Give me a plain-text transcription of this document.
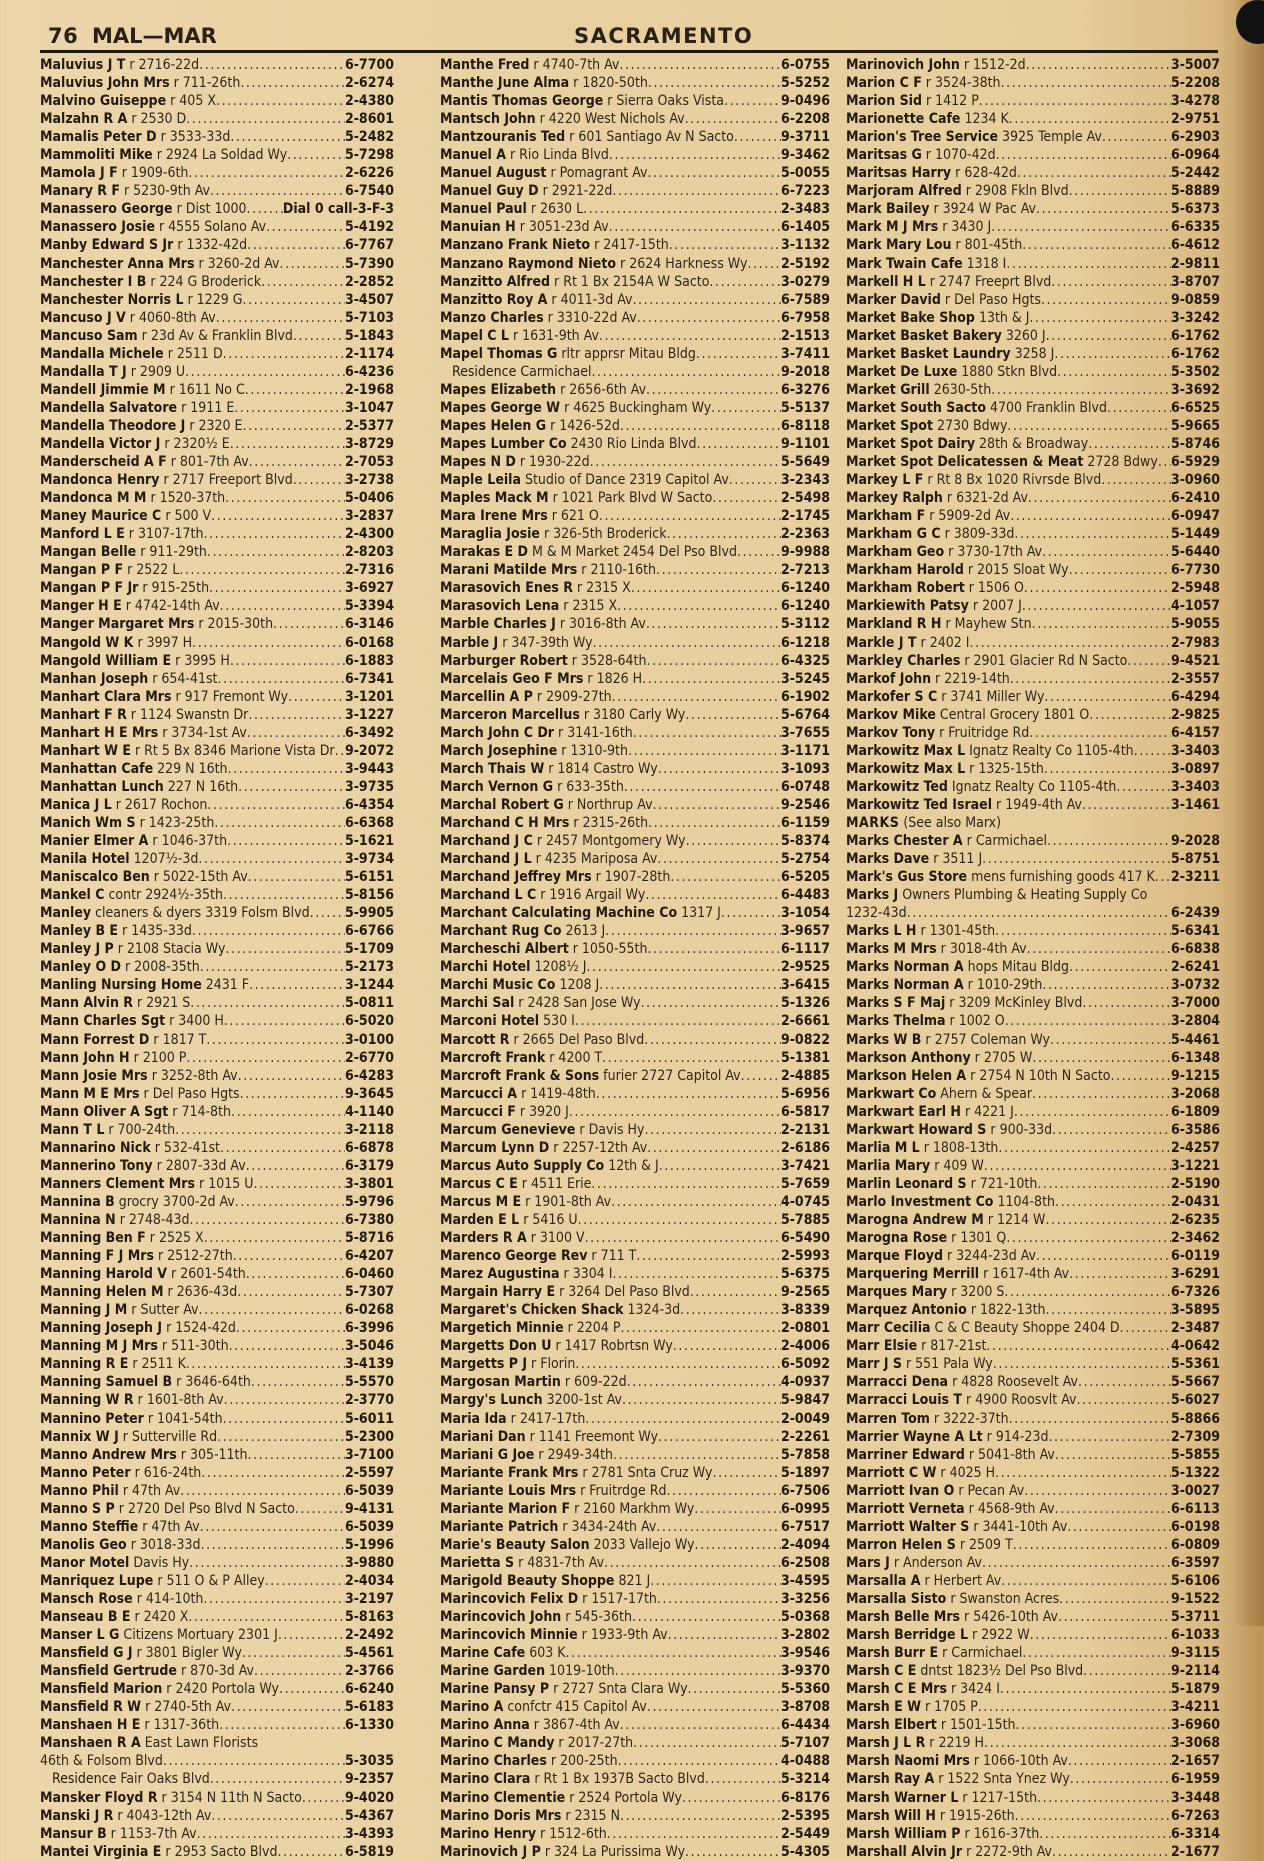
76 MAL—MAR	SACRAMENTO
Maluvius J T r 2716-22d .....	6-7700
Maluvius John Mrs r 711-26th .....	2-6274
Malvino Guiseppe r 405 X .....	2-4380
Malzahn R A r 2530 D .....	2-8601
Mamalis Peter D r 3533-33d .....	5-2482
Mammoliti Mike r 2924 La Soldad Wy .....	5-7298
Mamola J F r 1909-6th .....	2-6226
Manary R F r 5230-9th Av .....	6-7540
Manassero George r Dist 1000 .....	Dial 0 call-3-F-3
Manassero Josie r 4555 Solano Av .....	5-4192
Manby Edward S Jr r 1332-42d .....	6-7767
Manchester Anna Mrs r 3260-2d Av .....	5-7390
Manchester I B r 224 G Broderick .....	2-2852
Manchester Norris L r 1229 G .....	3-4507
Mancuso J V r 4060-8th Av .....	5-7103
Mancuso Sam r 23d Av & Franklin Blvd .....	5-1843
Mandalla Michele r 2511 D .....	2-1174
Mandalla T J r 2909 U .....	6-4236
Mandell Jimmie M r 1611 No C .....	2-1968
Mandella Salvatore r 1911 E .....	3-1047
Mandella Theodore J r 2320 E .....	2-5377
Mandella Victor J r 2320½ E .....	3-8729
Manderscheid A F r 801-7th Av .....	2-7053
Mandonca Henry r 2717 Freeport Blvd .....	3-2738
Mandonca M M r 1520-37th .....	5-0406
Maney Maurice C r 500 V .....	3-2837
Manford L E r 3107-17th .....	2-4300
Mangan Belle r 911-29th .....	2-8203
Mangan P F r 2522 L .....	2-7316
Mangan P F Jr r 915-25th .....	3-6927
Manger H E r 4742-14th Av .....	5-3394
Manger Margaret Mrs r 2015-30th .....	6-3146
Mangold W K r 3997 H .....	6-0168
Mangold William E r 3995 H .....	6-1883
Manhan Joseph r 654-41st .....	6-7341
Manhart Clara Mrs r 917 Fremont Wy .....	3-1201
Manhart F R r 1124 Swanstn Dr .....	3-1227
Manhart H E Mrs r 3734-1st Av .....	6-3492
Manhart W E r Rt 5 Bx 8346 Marione Vista Dr ..... 9-2072
Manhattan Cafe 229 N 16th .....	3-9443
Manhattan Lunch 227 N 16th .....	3-9735
Manica J L r 2617 Rochon .....	6-4354
Manich Wm S r 1423-25th .....	6-6368
Manier Elmer A r 1046-37th .....	5-1621
Manila Hotel 1207½-3d .....	3-9734
Maniscalco Ben r 5022-15th Av .....	5-6151
Mankel C contr 2924½-35th .....	5-8156
Manley cleaners & dyers 3319 Folsm Blvd .....	5-9905
Manley B E r 1435-33d .....	6-6766
Manley J P r 2108 Stacia Wy .....	5-1709
Manley O D r 2008-35th .....	5-2173
Manling Nursing Home 2431 F .....	3-1244
Mann Alvin R r 2921 S .....	5-0811
Mann Charles Sgt r 3400 H .....	6-5020
Mann Forrest D r 1817 T .....	3-0100
Mann John H r 2100 P .....	2-6770
Mann Josie Mrs r 3252-8th Av .....	6-4283
Mann M E Mrs r Del Paso Hgts .....	9-3645
Mann Oliver A Sgt r 714-8th .....	4-1140
Mann T L r 700-24th .....	3-2118
Mannarino Nick r 532-41st .....	6-6878
Mannerino Tony r 2807-33d Av .....	6-3179
Manners Clement Mrs r 1015 U .....	3-3801
Mannina B grocry 3700-2d Av .....	5-9796
Mannina N r 2748-43d .....	6-7380
Manning Ben F r 2525 X .....	5-8716
Manning F J Mrs r 2512-27th .....	6-4207
Manning Harold V r 2601-54th .....	6-0460
Manning Helen M r 2636-43d .....	5-7307
Manning J M r Sutter Av .....	6-0268
Manning Joseph J r 1524-42d .....	6-3996
Manning M J Mrs r 511-30th .....	3-5046
Manning R E r 2511 K .....	3-4139
Manning Samuel B r 3646-64th .....	5-5570
Manning W R r 1601-8th Av .....	2-3770
Mannino Peter r 1041-54th .....	5-6011
Mannix W J r Sutterville Rd .....	5-2300
Manno Andrew Mrs r 305-11th .....	3-7100
Manno Peter r 616-24th .....	2-5597
Manno Phil r 47th Av .....	6-5039
Manno S P r 2720 Del Pso Blvd N Sacto .....	9-4131
Manno Steffie r 47th Av .....	6-5039
Manolis Geo r 3018-33d .....	5-1996
Manor Motel Davis Hy .....	3-9880
Manriquez Lupe r 511 O & P Alley .....	2-4034
Mansch Rose r 414-10th .....	3-2197
Manseau B E r 2420 X .....	5-8163
Manser L G Citizens Mortuary 2301 J .....	2-2492
Mansfield G J r 3801 Bigler Wy .....	5-4561
Mansfield Gertrude r 870-3d Av .....	2-3766
Mansfield Marion r 2420 Portola Wy .....	6-6240
Mansfield R W r 2740-5th Av .....	5-6183
Manshaen H E r 1317-36th .....	6-1330
Manshaen R A East Lawn Florists
46th & Folsom Blvd .....	5-3035
Residence Fair Oaks Blvd .....	9-2357
Mansker Floyd R r 3154 N 11th N Sacto .....	9-4020
Manski J R r 4043-12th Av .....	5-4367
Mansur B r 1153-7th Av .....	3-4393
Mantei Virginia E r 2953 Sacto Blvd .....	6-5819
Manthe Fred r 4740-7th Av .....	6-0755
Manthe June Alma r 1820-50th .....	5-5252
Mantis Thomas George r Sierra Oaks Vista .....	9-0496
Mantsch John r 4220 West Nichols Av .....	6-2208
Mantzouranis Ted r 601 Santiago Av N Sacto .....	9-3711
Manuel A r Rio Linda Blvd .....	9-3462
Manuel August r Pomagrant Av .....	5-0055
Manuel Guy D r 2921-22d .....	6-7223
Manuel Paul r 2630 L .....	2-3483
Manuian H r 3051-23d Av .....	6-1405
Manzano Frank Nieto r 2417-15th .....	3-1132
Manzano Raymond Nieto r 2624 Harkness Wy ..... 2-5192
Manzitto Alfred r Rt 1 Bx 2154A W Sacto .....	3-0279
Manzitto Roy A r 4011-3d Av .....	6-7589
Manzo Charles r 3310-22d Av .....	6-7958
Mapel C L r 1631-9th Av .....	2-1513
Mapel Thomas G rltr apprsr Mitau Bldg .....	3-7411
Residence Carmichael .....	9-2018
Mapes Elizabeth r 2656-6th Av .....	6-3276
Mapes George W r 4625 Buckingham Wy .....	5-5137
Mapes Helen G r 1426-52d .....	6-8118
Mapes Lumber Co 2430 Rio Linda Blvd .....	9-1101
Mapes N D r 1930-22d .....	5-5649
Maple Leila Studio of Dance 2319 Capitol Av .....	3-2343
Maples Mack M r 1021 Park Blvd W Sacto .....	2-5498
Mara Irene Mrs r 621 O .....	2-1745
Maraglia Josie r 326-5th Broderick .....	2-2363
Marakas E D M & M Market 2454 Del Pso Blvd .....	9-9988
Marani Matilde Mrs r 2110-16th .....	2-7213
Marasovich Enes R r 2315 X .....	6-1240
Marasovich Lena r 2315 X .....	6-1240
Marble Charles J r 3016-8th Av .....	5-3112
Marble J r 347-39th Wy .....	6-1218
Marburger Robert r 3528-64th .....	6-4325
Marcelais Geo F Mrs r 1826 H .....	3-5245
Marcellin A P r 2909-27th .....	6-1902
Marceron Marcellus r 3180 Carly Wy .....	5-6764
March John C Dr r 3141-16th .....	3-7655
March Josephine r 1310-9th .....	3-1171
March Thais W r 1814 Castro Wy .....	3-1093
March Vernon G r 633-35th .....	6-0748
Marchal Robert G r Northrup Av .....	9-2546
Marchand C H Mrs r 2315-26th .....	6-1159
Marchand J C r 2457 Montgomery Wy .....	5-8374
Marchand J L r 4235 Mariposa Av .....	5-2754
Marchand Jeffrey Mrs r 1907-28th .....	6-5205
Marchand L C r 1916 Argail Wy .....	6-4483
Marchant Calculating Machine Co 1317 J .....	3-1054
Marchant Rug Co 2613 J .....	3-9657
Marcheschi Albert r 1050-55th .....	6-1117
Marchi Hotel 1208½ J .....	2-9525
Marchi Music Co 1208 J .....	3-6415
Marchi Sal r 2428 San Jose Wy .....	5-1326
Marconi Hotel 530 I .....	2-6661
Marcott R r 2665 Del Paso Blvd .....	9-0822
Marcroft Frank r 4200 T .....	5-1381
Marcroft Frank & Sons furier 2727 Capitol Av .....	2-4885
Marcucci A r 1419-48th .....	5-6956
Marcucci F r 3920 J .....	6-5817
Marcum Genevieve r Davis Hy .....	2-2131
Marcum Lynn D r 2257-12th Av .....	2-6186
Marcus Auto Supply Co 12th & J .....	3-7421
Marcus C E r 4511 Erie .....	5-7659
Marcus M E r 1901-8th Av .....	4-0745
Marden E L r 5416 U .....	5-7885
Marders R A r 3100 V .....	6-5490
Marenco George Rev r 711 T .....	2-5993
Marez Augustina r 3304 I .....	5-6375
Margain Harry E r 3264 Del Paso Blvd .....	9-2565
Margaret's Chicken Shack 1324-3d .....	3-8339
Margetich Minnie r 2204 P .....	2-0801
Margetts Don U r 1417 Robrtsn Wy .....	2-4006
Margetts P J r Florin .....	6-5092
Margosan Martin r 609-22d .....	4-0937
Margy's Lunch 3200-1st Av .....	5-9847
Maria Ida r 2417-17th .....	2-0049
Mariani Dan r 1141 Freemont Wy .....	2-2261
Mariani G Joe r 2949-34th .....	5-7858
Mariante Frank Mrs r 2781 Snta Cruz Wy .....	5-1897
Mariante Louis Mrs r Fruitrdge Rd .....	6-7506
Mariante Marion F r 2160 Markhm Wy .....	6-0995
Mariante Patrich r 3434-24th Av .....	6-7517
Marie's Beauty Salon 2033 Vallejo Wy .....	2-4094
Marietta S r 4831-7th Av .....	6-2508
Marigold Beauty Shoppe 821 J .....	3-4595
Marincovich Felix D r 1517-17th .....	3-3256
Marincovich John r 545-36th .....	5-0368
Marincovich Minnie r 1933-9th Av .....	3-2802
Marine Cafe 603 K .....	3-9546
Marine Garden 1019-10th .....	3-9370
Marine Pansy P r 2727 Snta Clara Wy .....	5-5360
Marino A confctr 415 Capitol Av .....	3-8708
Marino Anna r 3867-4th Av .....	6-4434
Marino C Mandy r 2017-27th .....	5-7107
Marino Charles r 200-25th .....	4-0488
Marino Clara r Rt 1 Bx 1937B Sacto Blvd .....	5-3214
Marino Clementie r 2524 Portola Wy .....	6-8176
Marino Doris Mrs r 2315 N .....	2-5395
Marino Henry r 1512-6th .....	2-5449
Marinovich J P r 324 La Purissima Wy .....	5-4305
Marinovich John r 1512-2d .....	3-5007
Marion C F r 3524-38th .....	5-2208
Marion Sid r 1412 P .....	3-4278
Marionette Cafe 1234 K .....	2-9751
Marion's Tree Service 3925 Temple Av .....	6-2903
Maritsas G r 1070-42d .....	6-0964
Maritsas Harry r 628-42d .....	5-2442
Marjoram Alfred r 2908 Fkln Blvd .....	5-8889
Mark Bailey r 3924 W Pac Av .....	5-6373
Mark M J Mrs r 3430 J .....	6-6335
Mark Mary Lou r 801-45th .....	6-4612
Mark Twain Cafe 1318 I .....	2-9811
Markell H L r 2747 Freeprt Blvd .....	3-8707
Marker David r Del Paso Hgts .....	9-0859
Market Bake Shop 13th & J .....	3-3242
Market Basket Bakery 3260 J .....	6-1762
Market Basket Laundry 3258 J .....	6-1762
Market De Luxe 1880 Stkn Blvd .....	5-3502
Market Grill 2630-5th .....	3-3692
Market South Sacto 4700 Franklin Blvd .....	6-6525
Market Spot 2730 Bdwy .....	5-9665
Market Spot Dairy 28th & Broadway .....	5-8746
Market Spot Delicatessen & Meat 2728 Bdwy ..... 6-5929
Markey L F r Rt 8 Bx 1020 Rivrsde Blvd .....	3-0960
Markey Ralph r 6321-2d Av .....	6-2410
Markham F r 5909-2d Av .....	6-0947
Markham G C r 3809-33d .....	5-1449
Markham Geo r 3730-17th Av .....	5-6440
Markham Harold r 2015 Sloat Wy .....	6-7730
Markham Robert r 1506 O .....	2-5948
Markiewith Patsy r 2007 J .....	4-1057
Markland R H r Mayhew Stn .....	5-9055
Markle J T r 2402 I .....	2-7983
Markley Charles r 2901 Glacier Rd N Sacto .....	9-4521
Markof John r 2219-14th .....	2-3557
Markofer S C r 3741 Miller Wy .....	6-4294
Markov Mike Central Grocery 1801 O .....	2-9825
Markov Tony r Fruitridge Rd .....	6-4157
Markowitz Max L Ignatz Realty Co 1105-4th .....	3-3403
Markowitz Max L r 1325-15th .....	3-0897
Markowitz Ted Ignatz Realty Co 1105-4th .....	3-3403
Markowitz Ted Israel r 1949-4th Av .....	3-1461
MARKS (See also Marx)
Marks Chester A r Carmichael .....	9-2028
Marks Dave r 3511 J .....	5-8751
Mark's Gus Store mens furnishing goods 417 K ..... 2-3211
Marks J Owners Plumbing & Heating Supply Co
1232-43d .....	6-2439
Marks L H r 1301-45th .....	5-6341
Marks M Mrs r 3018-4th Av .....	6-6838
Marks Norman A hops Mitau Bldg .....	2-6241
Marks Norman A r 1010-29th .....	3-0732
Marks S F Maj r 3209 McKinley Blvd .....	3-7000
Marks Thelma r 1002 O .....	3-2804
Marks W B r 2757 Coleman Wy .....	5-4461
Markson Anthony r 2705 W .....	6-1348
Markson Helen A r 2754 N 10th N Sacto .....	9-1215
Markwart Co Ahern & Spear .....	3-2068
Markwart Earl H r 4221 J .....	6-1809
Markwart Howard S r 900-33d .....	6-3586
Marlia M L r 1808-13th .....	2-4257
Marlia Mary r 409 W .....	3-1221
Marlin Leonard S r 721-10th .....	2-5190
Marlo Investment Co 1104-8th .....	2-0431
Marogna Andrew M r 1214 W .....	2-6235
Marogna Rose r 1301 Q .....	2-3462
Marque Floyd r 3244-23d Av .....	6-0119
Marquering Merrill r 1617-4th Av .....	3-6291
Marques Mary r 3200 S .....	6-7326
Marquez Antonio r 1822-13th .....	3-5895
Marr Cecilia C & C Beauty Shoppe 2404 D .....	2-3487
Marr Elsie r 817-21st .....	4-0642
Marr J S r 551 Pala Wy .....	5-5361
Marracci Dena r 4828 Roosevelt Av .....	5-5667
Marracci Louis T r 4900 Roosvlt Av .....	5-6027
Marren Tom r 3222-37th .....	5-8866
Marrier Wayne A Lt r 914-23d .....	2-7309
Marriner Edward r 5041-8th Av .....	5-5855
Marriott C W r 4025 H .....	5-1322
Marriott Ivan O r Pecan Av .....	3-0027
Marriott Verneta r 4568-9th Av .....	6-6113
Marriott Walter S r 3441-10th Av .....	6-0198
Marron Helen S r 2509 T .....	6-0809
Mars J r Anderson Av .....	6-3597
Marsalla A r Herbert Av .....	5-6106
Marsalla Sisto r Swanston Acres .....	9-1522
Marsh Belle Mrs r 5426-10th Av .....	5-3711
Marsh Berridge L r 2922 W .....	6-1033
Marsh Burr E r Carmichael .....	9-3115
Marsh C E dntst 1823½ Del Pso Blvd .....	9-2114
Marsh C E Mrs r 3424 I .....	5-1879
Marsh E W r 1705 P .....	3-4211
Marsh Elbert r 1501-15th .....	3-6960
Marsh J L R r 2219 H .....	3-3068
Marsh Naomi Mrs r 1066-10th Av .....	2-1657
Marsh Ray A r 1522 Snta Ynez Wy .....	6-1959
Marsh Warner L r 1217-15th .....	3-3448
Marsh Will H r 1915-26th .....	6-7263
Marsh William P r 1616-37th .....	6-3314
Marshall Alvin Jr r 2272-9th Av .....	2-1677
